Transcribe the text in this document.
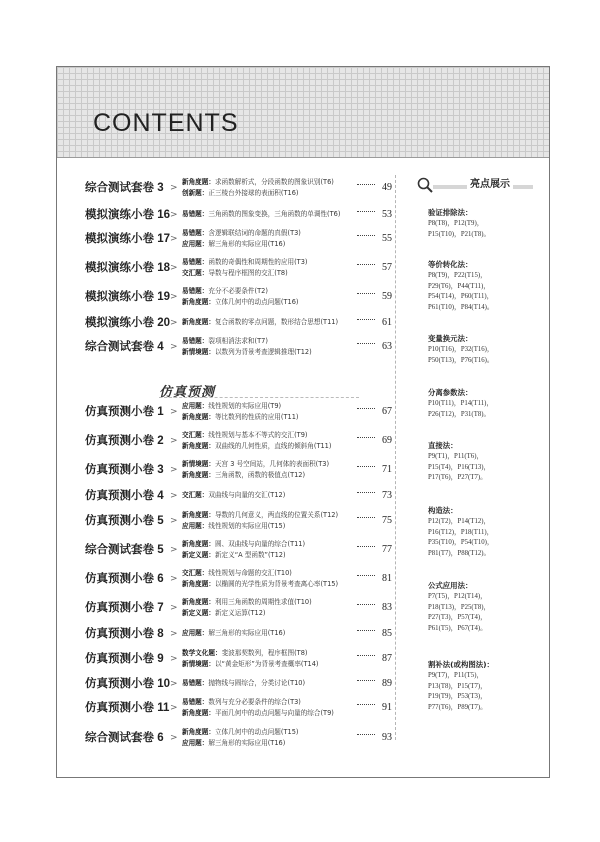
CONTENTS
综合测试套卷 3 >
新角度题：求函数解析式，分段函数的图象识别(T6)
创新题：正三棱台外接球的表面积(T16)	49
模拟演练小卷 16 > 易错题：三角函数的图象变换，三角函数的单调性(T6)	53
模拟演练小卷 17 >
易错题：含逻辑联结词的命题的真假(T3)
应用题：解三角形的实际应用(T16)	55
模拟演练小卷 18 >
易错题：函数的奇偶性和周期性的应用(T3)
交汇题：导数与程序框图的交汇(T8)	57
模拟演练小卷 19 >
易错题：充分不必要条件(T2)
新角度题：立体几何中的动点问题(T16)	59
模拟演练小卷 20 > 新角度题：复合函数的零点问题，数形结合思想(T11)	61
综合测试套卷 4 >
易错题：裂项相消法求和(T7)
新情境题：以数列为背景考查逻辑推理(T12)	63
仿真预测
仿真预测小卷 1 >
应用题：线性规划的实际应用(T9)
新角度题：等比数列的性质的应用(T11)	67
仿真预测小卷 2 >
交汇题：线性规划与基本不等式的交汇(T9)
新角度题：双曲线的几何性质，直线的倾斜角(T11)	69
仿真预测小卷 3 >
新情境题：天宫 3 号空间站，几何体的表面积(T3)
新角度题：三角函数，函数的极值点(T12)	71
仿真预测小卷 4 > 交汇题：双曲线与向量的交汇(T12)	73
仿真预测小卷 5 >
新角度题：导数的几何意义，两直线的位置关系(T12)
应用题：线性规划的实际应用(T15)	75
综合测试套卷 5 >
新角度题：圆、双曲线与向量的综合(T11)
新定义题：新定义“A 型函数”(T12)	77
仿真预测小卷 6 >
交汇题：线性规划与命题的交汇(T10)
新角度题：以椭圆的光学性质为背景考查离心率(T15)	81
仿真预测小卷 7 >
新角度题：利用三角函数的周期性求值(T10)
新定义题：新定义运算(T12)	83
仿真预测小卷 8 > 应用题：解三角形的实际应用(T16)	85
仿真预测小卷 9 >
数学文化题：斐波那契数列，程序框图(T8)
新情境题：以“黄金矩形”为背景考查概率(T14)	87
仿真预测小卷 10 > 易错题：抛物线与圆综合，分类讨论(T10)	89
仿真预测小卷 11 >
易错题：数列与充分必要条件的综合(T3)
新角度题：平面几何中的动点问题与向量的综合(T9)	91
综合测试套卷 6 >
新角度题：立体几何中的动点问题(T15)
应用题：解三角形的实际应用(T16)	93
亮点展示
验证排除法：
P8(T8)，P12(T9)，
P15(T10)，P21(T8)。
等价转化法：
P8(T9)，P22(T15)，
P29(T6)，P44(T11)，
P54(T14)，P60(T11)，
P61(T10)，P84(T14)。
变量换元法：
P10(T16)，P32(T16)，
P50(T13)，P76(T16)。
分离参数法：
P10(T11)，P14(T11)，
P26(T12)，P31(T8)。
直接法：
P9(T1)，P11(T6)，
P15(T4)，P16(T13)，
P17(T6)，P27(T7)。
构造法：
P12(T2)，P14(T12)，
P16(T12)，P18(T11)，
P35(T10)，P54(T10)，
P81(T7)，P88(T12)。
公式应用法：
P7(T5)，P12(T14)，
P18(T13)，P25(T8)，
P27(T3)，P57(T4)，
P61(T5)，P67(T4)。
割补法(或构图法)：
P9(T7)，P11(T5)，
P13(T8)，P15(T7)，
P19(T9)，P53(T3)，
P77(T6)，P89(T7)。
